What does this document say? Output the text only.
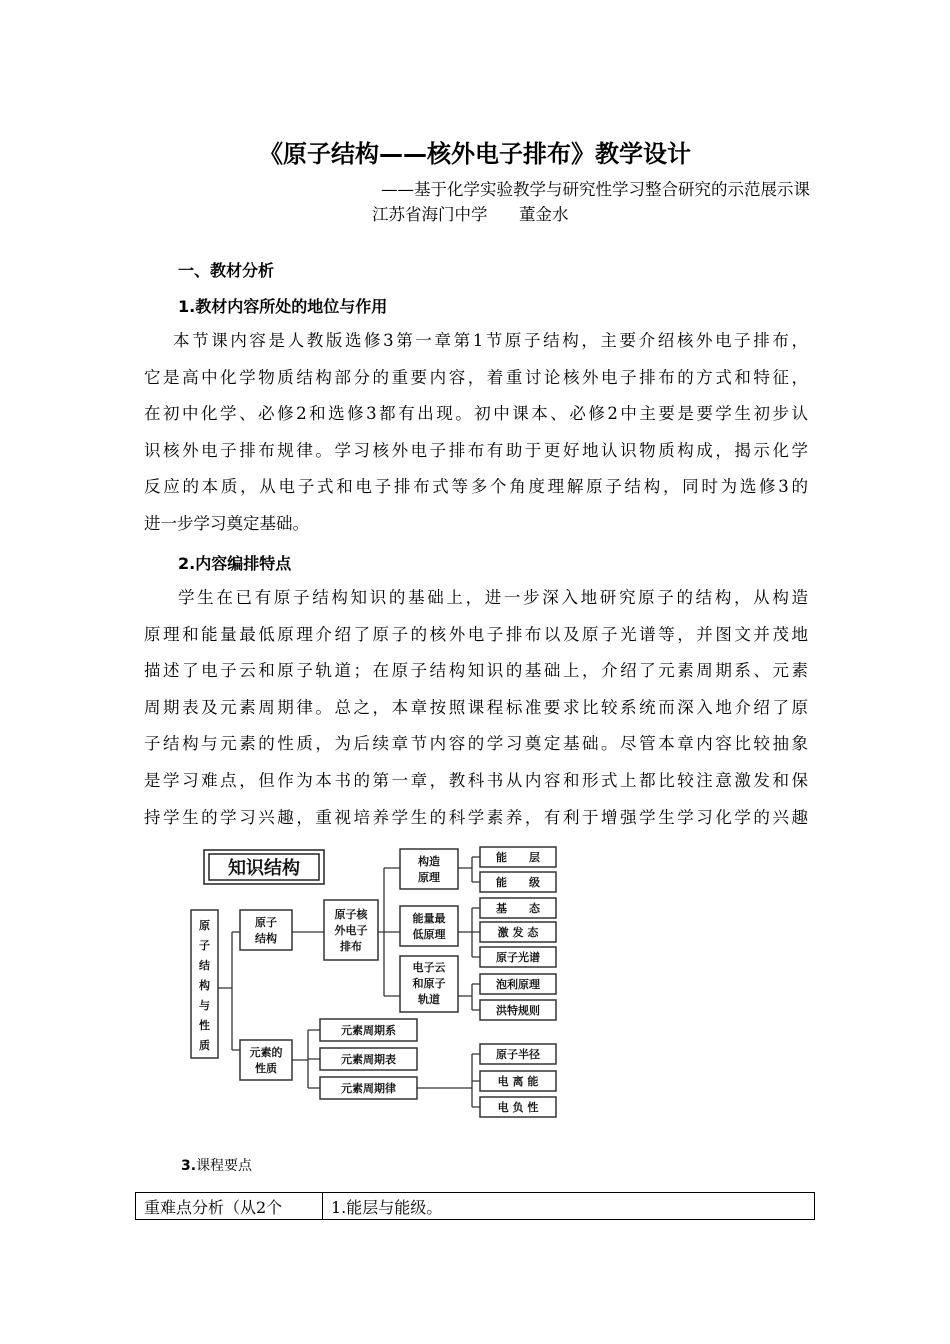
《原子结构——核外电子排布》教学设计
——基于化学实验教学与研究性学习整合研究的示范展示课
江苏省海门中学      董金水
一、教材分析
1.教材内容所处的地位与作用
本节课内容是人教版选修3第一章第1节原子结构，主要介绍核外电子排布，
它是高中化学物质结构部分的重要内容，着重讨论核外电子排布的方式和特征，
在初中化学、必修2和选修3都有出现。初中课本、必修2中主要是要学生初步认
识核外电子排布规律。学习核外电子排布有助于更好地认识物质构成，揭示化学
反应的本质，从电子式和电子排布式等多个角度理解原子结构，同时为选修3的
进一步学习奠定基础。
2.内容编排特点
学生在已有原子结构知识的基础上，进一步深入地研究原子的结构，从构造
原理和能量最低原理介绍了原子的核外电子排布以及原子光谱等，并图文并茂地
描述了电子云和原子轨道；在原子结构知识的基础上，介绍了元素周期系、元素
周期表及元素周期律。总之，本章按照课程标准要求比较系统而深入地介绍了原
子结构与元素的性质，为后续章节内容的学习奠定基础。尽管本章内容比较抽象
是学习难点，但作为本书的第一章，教科书从内容和形式上都比较注意激发和保
持学生的学习兴趣，重视培养学生的科学素养，有利于增强学生学习化学的兴趣
知识结构
原
子
结
构
与
性
质
原子
结构
元素的
性质
原子核
外电子
排布
元素周期系
元素周期表
元素周期律
构造
原理
能量最
低原理
电子云
和原子
轨道
能　　层
能　　级
基　　态
激 发 态
原子光谱
泡利原理
洪特规则
原子半径
电 离 能
电 负 性
3.课程要点
重难点分析（从2个	1.能层与能级。
